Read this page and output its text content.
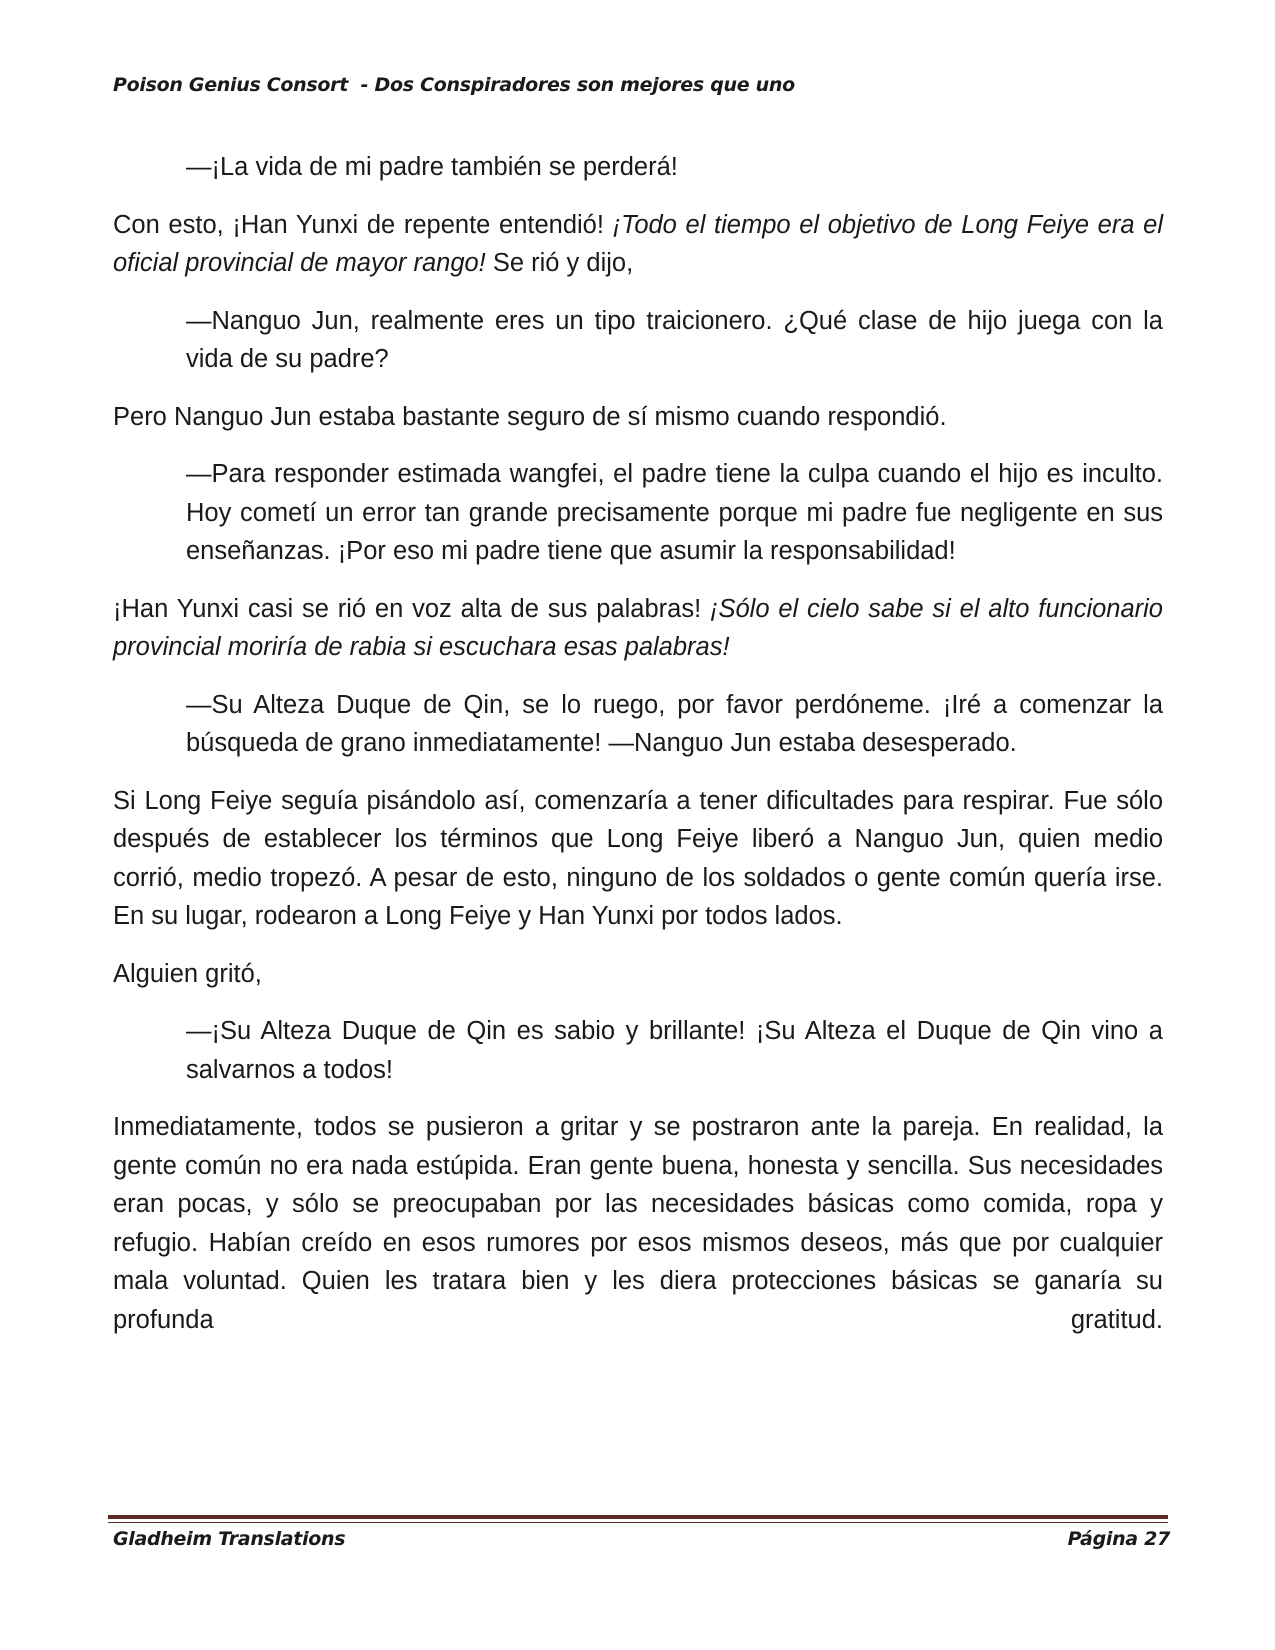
Poison Genius Consort  - Dos Conspiradores son mejores que uno

—¡La vida de mi padre también se perderá!

Con esto, ¡Han Yunxi de repente entendió! ¡Todo el tiempo el objetivo de Long Feiye era el oficial provincial de mayor rango! Se rió y dijo,

—Nanguo Jun, realmente eres un tipo traicionero. ¿Qué clase de hijo juega con la vida de su padre?

Pero Nanguo Jun estaba bastante seguro de sí mismo cuando respondió.

—Para responder estimada wangfei, el padre tiene la culpa cuando el hijo es inculto. Hoy cometí un error tan grande precisamente porque mi padre fue negligente en sus enseñanzas. ¡Por eso mi padre tiene que asumir la responsabilidad!

¡Han Yunxi casi se rió en voz alta de sus palabras! ¡Sólo el cielo sabe si el alto funcionario provincial moriría de rabia si escuchara esas palabras!

—Su Alteza Duque de Qin, se lo ruego, por favor perdóneme. ¡Iré a comenzar la búsqueda de grano inmediatamente! —Nanguo Jun estaba desesperado.

Si Long Feiye seguía pisándolo así, comenzaría a tener dificultades para respirar. Fue sólo después de establecer los términos que Long Feiye liberó a Nanguo Jun, quien medio corrió, medio tropezó. A pesar de esto, ninguno de los soldados o gente común quería irse. En su lugar, rodearon a Long Feiye y Han Yunxi por todos lados.

Alguien gritó,

—¡Su Alteza Duque de Qin es sabio y brillante! ¡Su Alteza el Duque de Qin vino a salvarnos a todos!

Inmediatamente, todos se pusieron a gritar y se postraron ante la pareja. En realidad, la gente común no era nada estúpida. Eran gente buena, honesta y sencilla. Sus necesidades eran pocas, y sólo se preocupaban por las necesidades básicas como comida, ropa y refugio. Habían creído en esos rumores por esos mismos deseos, más que por cualquier mala voluntad. Quien les tratara bien y les diera protecciones básicas se ganaría su profunda gratitud.

Gladheim Translations	Página 27
